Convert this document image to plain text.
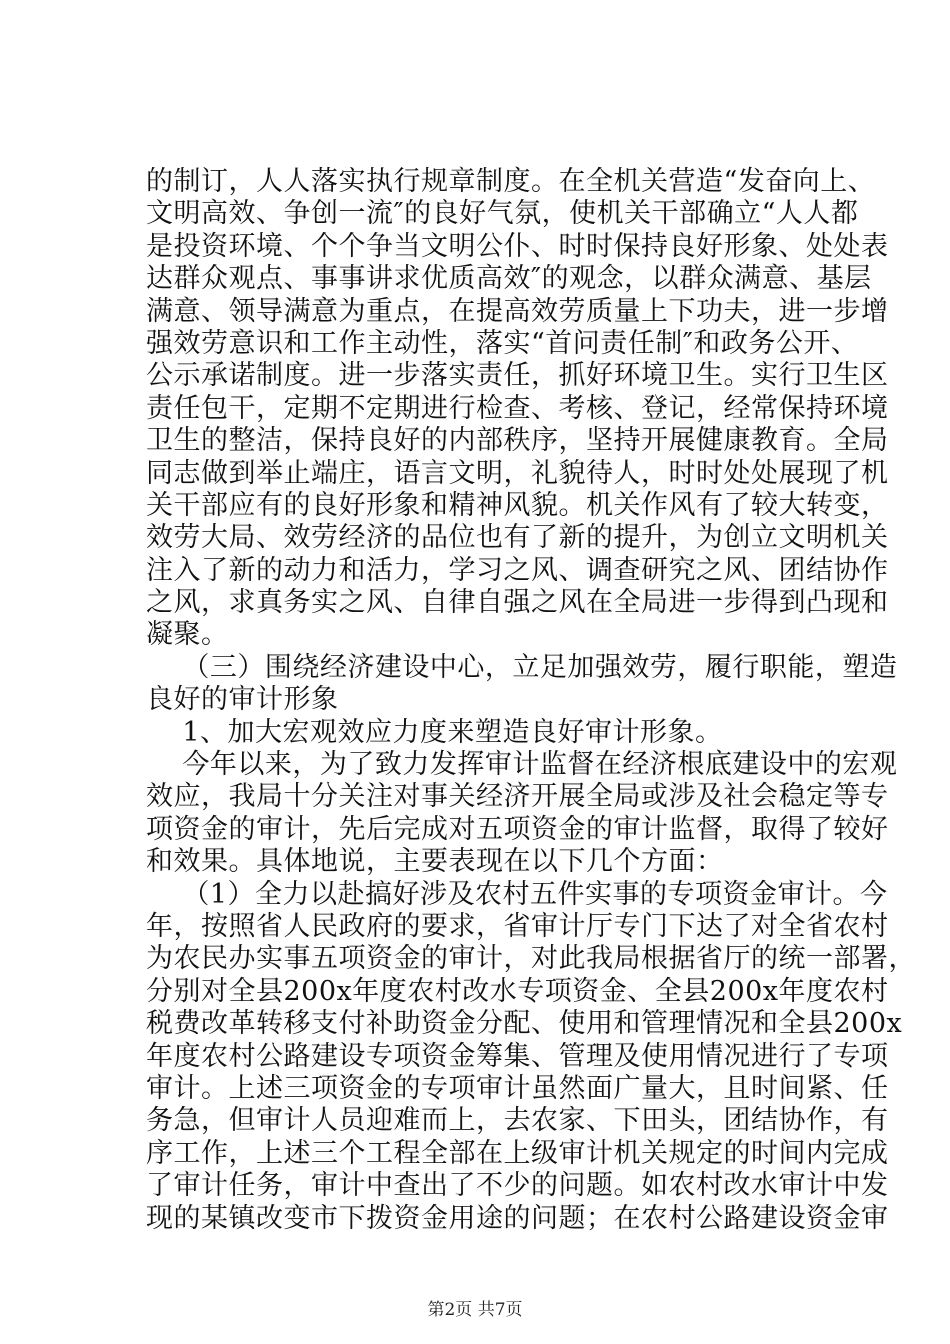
的制订，人人落实执行规章制度。在全机关营造“发奋向上、
文明高效、争创一流″的良好气氛，使机关干部确立“人人都
是投资环境、个个争当文明公仆、时时保持良好形象、处处表
达群众观点、事事讲求优质高效″的观念，以群众满意、基层
满意、领导满意为重点，在提高效劳质量上下功夫，进一步增
强效劳意识和工作主动性，落实“首问责任制″和政务公开、
公示承诺制度。进一步落实责任，抓好环境卫生。实行卫生区
责任包干，定期不定期进行检查、考核、登记，经常保持环境
卫生的整洁，保持良好的内部秩序，坚持开展健康教育。全局
同志做到举止端庄，语言文明，礼貌待人，时时处处展现了机
关干部应有的良好形象和精神风貌。机关作风有了较大转变，
效劳大局、效劳经济的品位也有了新的提升，为创立文明机关
注入了新的动力和活力，学习之风、调查研究之风、团结协作
之风，求真务实之风、自律自强之风在全局进一步得到凸现和
凝聚。
（三）围绕经济建设中心，立足加强效劳，履行职能，塑造
良好的审计形象
1、加大宏观效应力度来塑造良好审计形象。
今年以来，为了致力发挥审计监督在经济根底建设中的宏观
效应，我局十分关注对事关经济开展全局或涉及社会稳定等专
项资金的审计，先后完成对五项资金的审计监督，取得了较好
和效果。具体地说，主要表现在以下几个方面：
（1）全力以赴搞好涉及农村五件实事的专项资金审计。今
年，按照省人民政府的要求，省审计厅专门下达了对全省农村
为农民办实事五项资金的审计，对此我局根据省厅的统一部署，
分别对全县200x年度农村改水专项资金、全县200x年度农村
税费改革转移支付补助资金分配、使用和管理情况和全县200x
年度农村公路建设专项资金筹集、管理及使用情况进行了专项
审计。上述三项资金的专项审计虽然面广量大，且时间紧、任
务急，但审计人员迎难而上，去农家、下田头，团结协作，有
序工作，上述三个工程全部在上级审计机关规定的时间内完成
了审计任务，审计中查出了不少的问题。如农村改水审计中发
现的某镇改变市下拨资金用途的问题；在农村公路建设资金审
第2页 共7页
